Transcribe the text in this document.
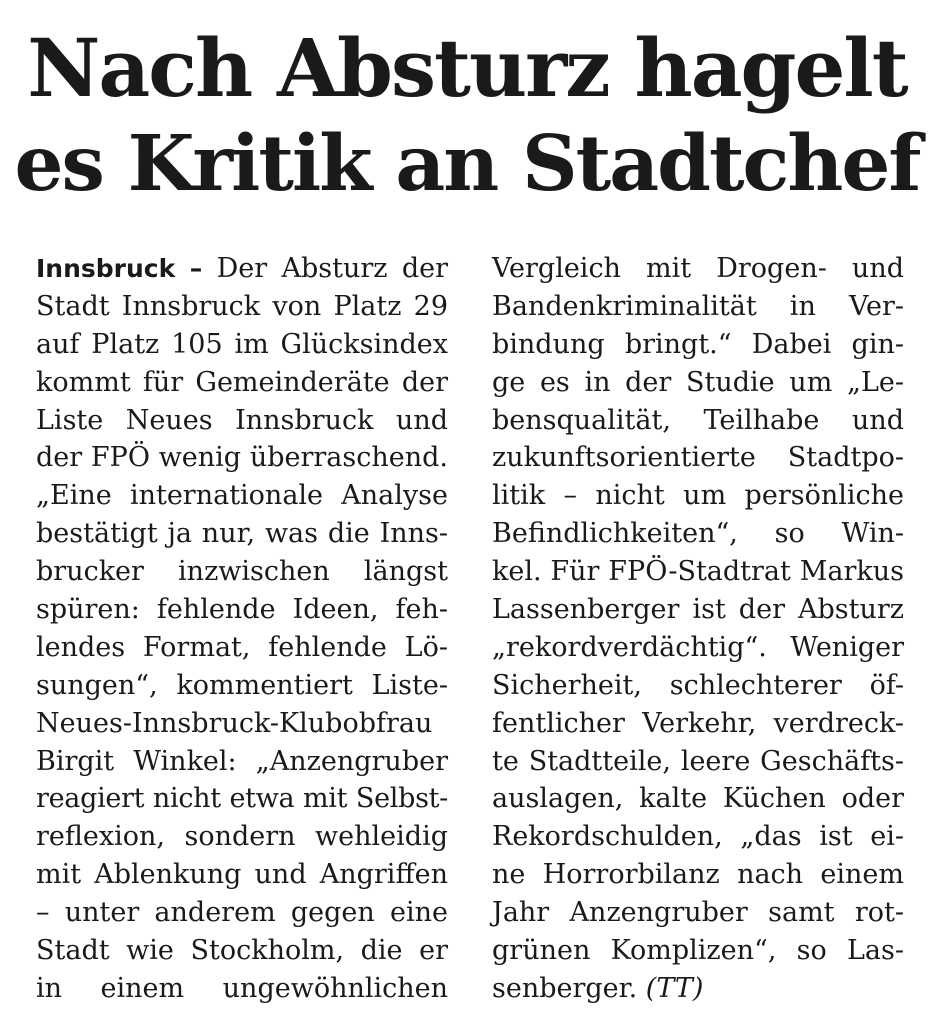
Nach Absturz hagelt
es Kritik an Stadtchef
Innsbruck – Der Absturz der
Stadt Innsbruck von Platz 29
auf Platz 105 im Glücksindex
kommt für Gemeinderäte der
Liste Neues Innsbruck und
der FPÖ wenig überraschend.
„Eine internationale Analyse
bestätigt ja nur, was die Inns-
brucker inzwischen längst
spüren: fehlende Ideen, feh-
lendes Format, fehlende Lö-
sungen“, kommentiert Liste-
Neues-Innsbruck-Klubobfrau
Birgit Winkel: „Anzengruber
reagiert nicht etwa mit Selbst-
reflexion, sondern wehleidig
mit Ablenkung und Angriffen
– unter anderem gegen eine
Stadt wie Stockholm, die er
in einem ungewöhnlichen
Vergleich mit Drogen- und
Bandenkriminalität in Ver-
bindung bringt.“ Dabei gin-
ge es in der Studie um „Le-
bensqualität, Teilhabe und
zukunftsorientierte Stadtpo-
litik – nicht um persönliche
Befindlichkeiten“, so Win-
kel. Für FPÖ-Stadtrat Markus
Lassenberger ist der Absturz
„rekordverdächtig“. Weniger
Sicherheit, schlechterer öf-
fentlicher Verkehr, verdreck-
te Stadtteile, leere Geschäfts-
auslagen, kalte Küchen oder
Rekordschulden, „das ist ei-
ne Horrorbilanz nach einem
Jahr Anzengruber samt rot-
grünen Komplizen“, so Las-
senberger. (TT)
